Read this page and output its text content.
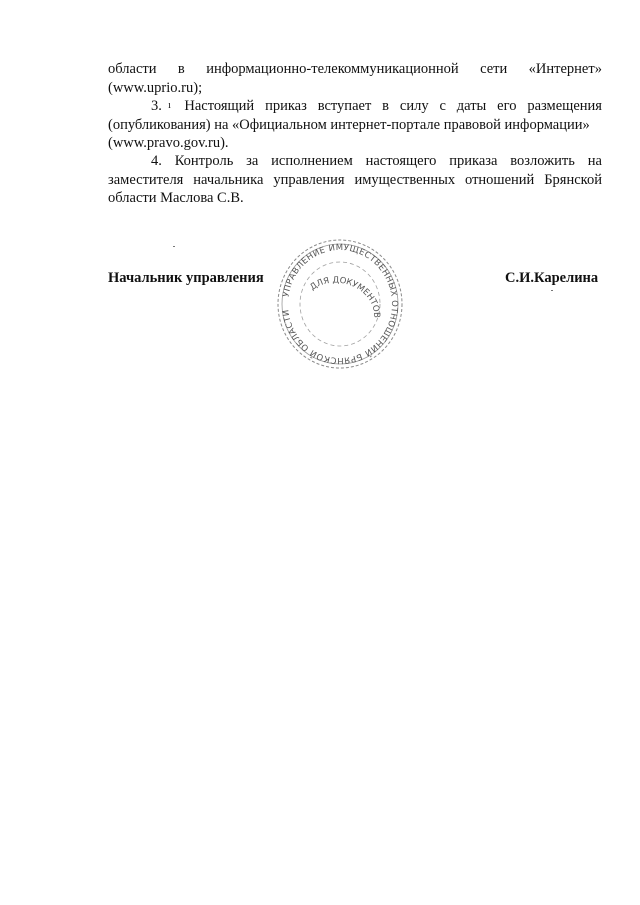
области в информационно-телекоммуникационной сети «Интернет»
(www.uprio.ru);
3. ı Настоящий приказ вступает в силу с даты его размещения
(опубликования) на «Официальном интернет-портале правовой информации»
(www.pravo.gov.ru).
4. Контроль за исполнением настоящего приказа возложить на
заместителя начальника управления имущественных отношений Брянской
области Маслова С.В.
Начальник управления	С.И.Карелина
УПРАВЛЕНИЕ ИМУЩЕСТВЕННЫХ ОТНОШЕНИЙ БРЯНСКОЙ ОБЛАСТИ
ДЛЯ ДОКУМЕНТОВ
